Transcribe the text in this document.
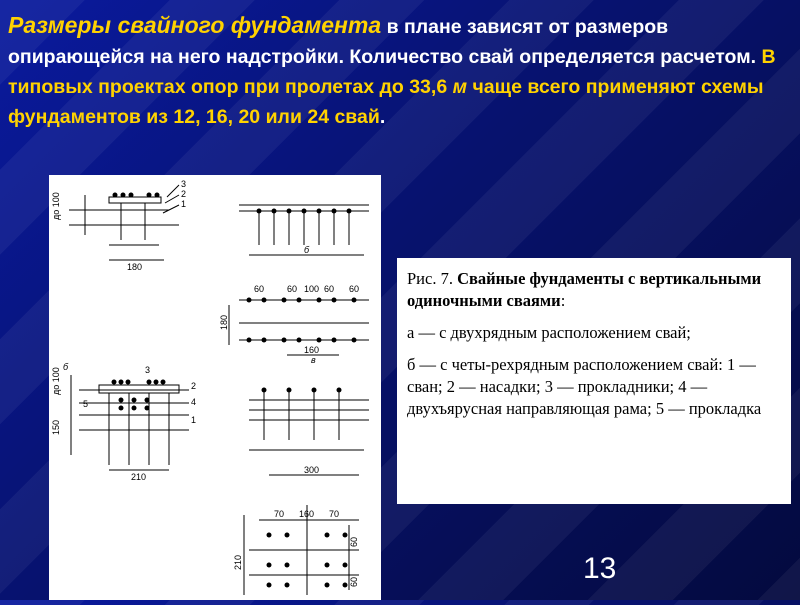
Размеры свайного фундамента в плане зависят от размеров опирающейся на него надстройки. Количество свай определяется расчетом. В типовых проектах опор при пролетах до 33,6 м чаще всего применяют схемы фундаментов из 12, 16, 20 или 24 свай.
до 100
180
3
2
1
б
60	60 100 60 60
180
160
в
до 100
150
210
б
5
3
2
4
1
300
70 160 70
210
60
60

Рис. 7. Свайные фундаменты с вертикальными одиночными сваями:

а — с двухрядным расположением свай;

б — с четы-рехрядным расположением свай: 1 — сван; 2 — насадки; 3 — прокладники; 4 — двухъярусная направляющая рама; 5 — прокладка

13
